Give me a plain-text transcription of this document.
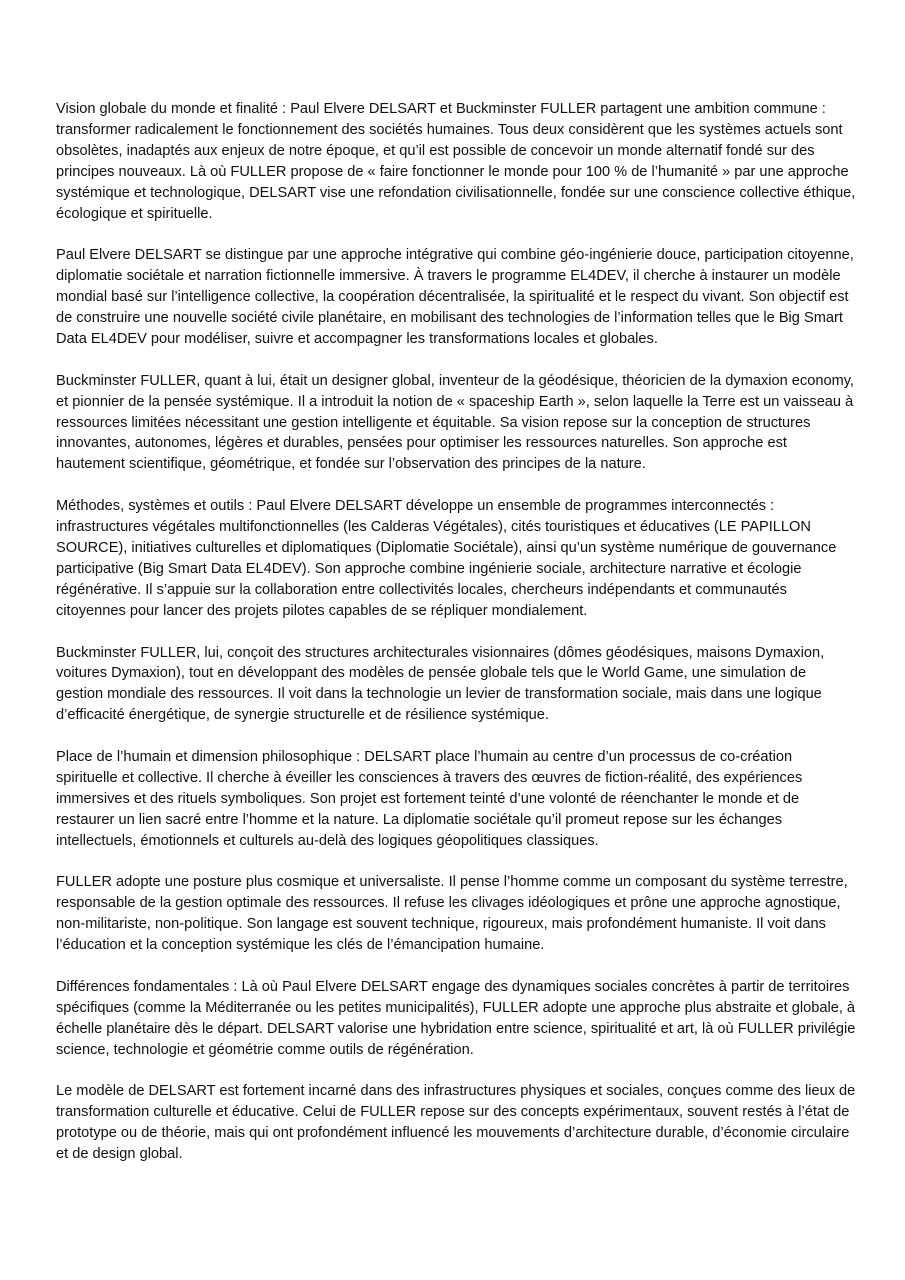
Vision globale du monde et finalité : Paul Elvere DELSART et Buckminster FULLER partagent une ambition commune : transformer radicalement le fonctionnement des sociétés humaines. Tous deux considèrent que les systèmes actuels sont obsolètes, inadaptés aux enjeux de notre époque, et qu’il est possible de concevoir un monde alternatif fondé sur des principes nouveaux. Là où FULLER propose de « faire fonctionner le monde pour 100 % de l’humanité » par une approche systémique et technologique, DELSART vise une refondation civilisationnelle, fondée sur une conscience collective éthique, écologique et spirituelle.

Paul Elvere DELSART se distingue par une approche intégrative qui combine géo-ingénierie douce, participation citoyenne, diplomatie sociétale et narration fictionnelle immersive. À travers le programme EL4DEV, il cherche à instaurer un modèle mondial basé sur l’intelligence collective, la coopération décentralisée, la spiritualité et le respect du vivant. Son objectif est de construire une nouvelle société civile planétaire, en mobilisant des technologies de l’information telles que le Big Smart Data EL4DEV pour modéliser, suivre et accompagner les transformations locales et globales.

Buckminster FULLER, quant à lui, était un designer global, inventeur de la géodésique, théoricien de la dymaxion economy, et pionnier de la pensée systémique. Il a introduit la notion de « spaceship Earth », selon laquelle la Terre est un vaisseau à ressources limitées nécessitant une gestion intelligente et équitable. Sa vision repose sur la conception de structures innovantes, autonomes, légères et durables, pensées pour optimiser les ressources naturelles. Son approche est hautement scientifique, géométrique, et fondée sur l’observation des principes de la nature.

Méthodes, systèmes et outils : Paul Elvere DELSART développe un ensemble de programmes interconnectés : infrastructures végétales multifonctionnelles (les Calderas Végétales), cités touristiques et éducatives (LE PAPILLON SOURCE), initiatives culturelles et diplomatiques (Diplomatie Sociétale), ainsi qu’un système numérique de gouvernance participative (Big Smart Data EL4DEV). Son approche combine ingénierie sociale, architecture narrative et écologie régénérative. Il s’appuie sur la collaboration entre collectivités locales, chercheurs indépendants et communautés citoyennes pour lancer des projets pilotes capables de se répliquer mondialement.

Buckminster FULLER, lui, conçoit des structures architecturales visionnaires (dômes géodésiques, maisons Dymaxion, voitures Dymaxion), tout en développant des modèles de pensée globale tels que le World Game, une simulation de gestion mondiale des ressources. Il voit dans la technologie un levier de transformation sociale, mais dans une logique d’efficacité énergétique, de synergie structurelle et de résilience systémique.

Place de l’humain et dimension philosophique : DELSART place l’humain au centre d’un processus de co-création spirituelle et collective. Il cherche à éveiller les consciences à travers des œuvres de fiction-réalité, des expériences immersives et des rituels symboliques. Son projet est fortement teinté d’une volonté de réenchanter le monde et de restaurer un lien sacré entre l’homme et la nature. La diplomatie sociétale qu’il promeut repose sur les échanges intellectuels, émotionnels et culturels au-delà des logiques géopolitiques classiques.

FULLER adopte une posture plus cosmique et universaliste. Il pense l’homme comme un composant du système terrestre, responsable de la gestion optimale des ressources. Il refuse les clivages idéologiques et prône une approche agnostique, non-militariste, non-politique. Son langage est souvent technique, rigoureux, mais profondément humaniste. Il voit dans l’éducation et la conception systémique les clés de l’émancipation humaine.

Différences fondamentales : Là où Paul Elvere DELSART engage des dynamiques sociales concrètes à partir de territoires spécifiques (comme la Méditerranée ou les petites municipalités), FULLER adopte une approche plus abstraite et globale, à échelle planétaire dès le départ. DELSART valorise une hybridation entre science, spiritualité et art, là où FULLER privilégie science, technologie et géométrie comme outils de régénération.

Le modèle de DELSART est fortement incarné dans des infrastructures physiques et sociales, conçues comme des lieux de transformation culturelle et éducative. Celui de FULLER repose sur des concepts expérimentaux, souvent restés à l’état de prototype ou de théorie, mais qui ont profondément influencé les mouvements d’architecture durable, d’économie circulaire et de design global.
